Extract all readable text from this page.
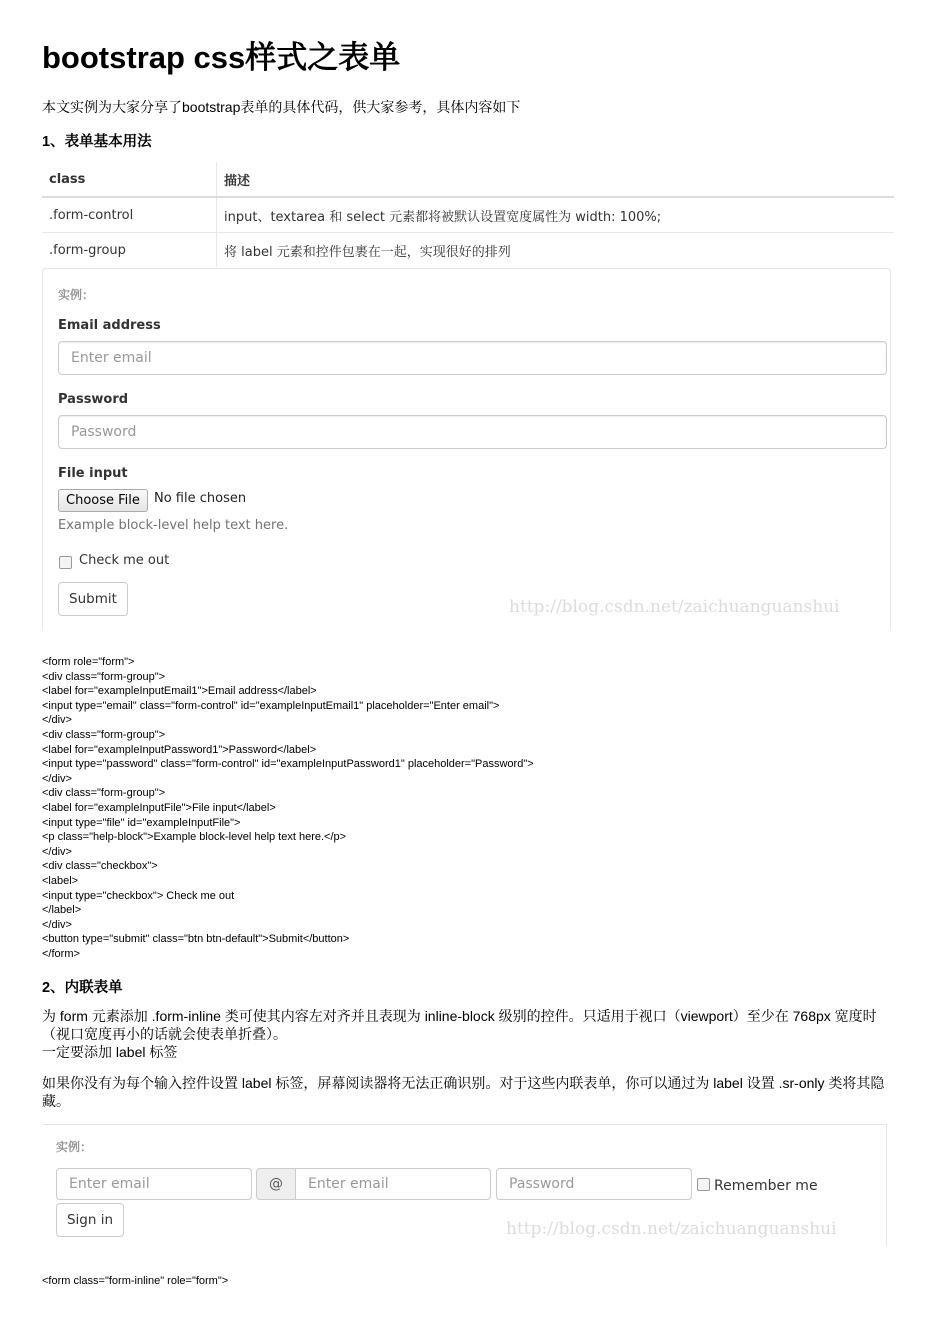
bootstrap css样式之表单
本文实例为大家分享了bootstrap表单的具体代码，供大家参考，具体内容如下
1、表单基本用法
class	描述
.form-control	input、textarea 和 select 元素都将被默认设置宽度属性为 width: 100%;
.form-group	将 label 元素和控件包裹在一起，实现很好的排列
实例：
Email address
Enter email
Password
Password
File input
Choose File	No file chosen
Example block-level help text here.
Check me out
Submit	http://blog.csdn.net/zaichuanguanshui
<form role="form">
<div class="form-group">
<label for="exampleInputEmail1">Email address</label>
<input type="email" class="form-control" id="exampleInputEmail1" placeholder="Enter email">
</div>
<div class="form-group">
<label for="exampleInputPassword1">Password</label>
<input type="password" class="form-control" id="exampleInputPassword1" placeholder="Password">
</div>
<div class="form-group">
<label for="exampleInputFile">File input</label>
<input type="file" id="exampleInputFile">
<p class="help-block">Example block-level help text here.</p>
</div>
<div class="checkbox">
<label>
<input type="checkbox"> Check me out
</label>
</div>
<button type="submit" class="btn btn-default">Submit</button>
</form>
2、内联表单
为 form 元素添加 .form-inline 类可使其内容左对齐并且表现为 inline-block 级别的控件。只适用于视口（viewport）至少在 768px 宽度时（视口宽度再小的话就会使表单折叠）。
一定要添加 label 标签
如果你没有为每个输入控件设置 label 标签，屏幕阅读器将无法正确识别。对于这些内联表单，你可以通过为 label 设置 .sr-only 类将其隐藏。
实例：
Enter email	@	Enter email	Password	Remember me
Sign in	http://blog.csdn.net/zaichuanguanshui
<form class="form-inline" role="form">
